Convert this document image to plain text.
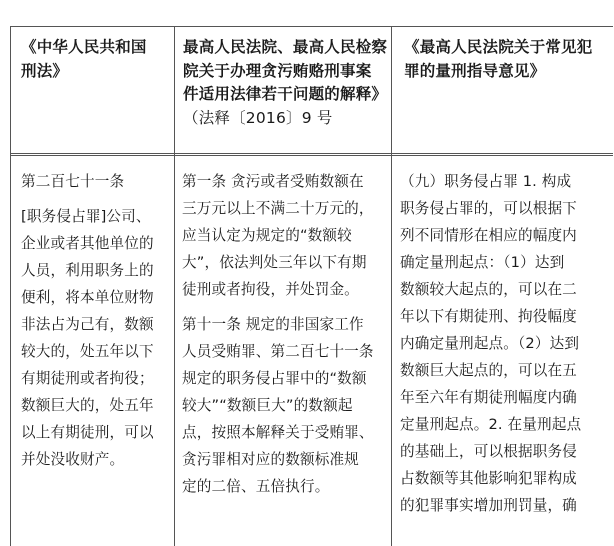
《中华人民共和国
刑法》
最高人民法院、最高人民检察
院关于办理贪污贿赂刑事案
件适用法律若干问题的解释》
（法释〔2016〕9 号
《最高人民法院关于常见犯
罪的量刑指导意见》
第二百七十一条
[职务侵占罪]公司、
企业或者其他单位的
人员，利用职务上的
便利，将本单位财物
非法占为己有，数额
较大的，处五年以下
有期徒刑或者拘役；
数额巨大的，处五年
以上有期徒刑，可以
并处没收财产。
第一条 贪污或者受贿数额在
三万元以上不满二十万元的，
应当认定为规定的“数额较
大”，依法判处三年以下有期
徒刑或者拘役，并处罚金。
第十一条 规定的非国家工作
人员受贿罪、第二百七十一条
规定的职务侵占罪中的“数额
较大”“数额巨大”的数额起
点，按照本解释关于受贿罪、
贪污罪相对应的数额标准规
定的二倍、五倍执行。
（九）职务侵占罪 1. 构成
职务侵占罪的，可以根据下
列不同情形在相应的幅度内
确定量刑起点：（1）达到
数额较大起点的，可以在二
年以下有期徒刑、拘役幅度
内确定量刑起点。（2）达到
数额巨大起点的，可以在五
年至六年有期徒刑幅度内确
定量刑起点。2. 在量刑起点
的基础上，可以根据职务侵
占数额等其他影响犯罪构成
的犯罪事实增加刑罚量，确
